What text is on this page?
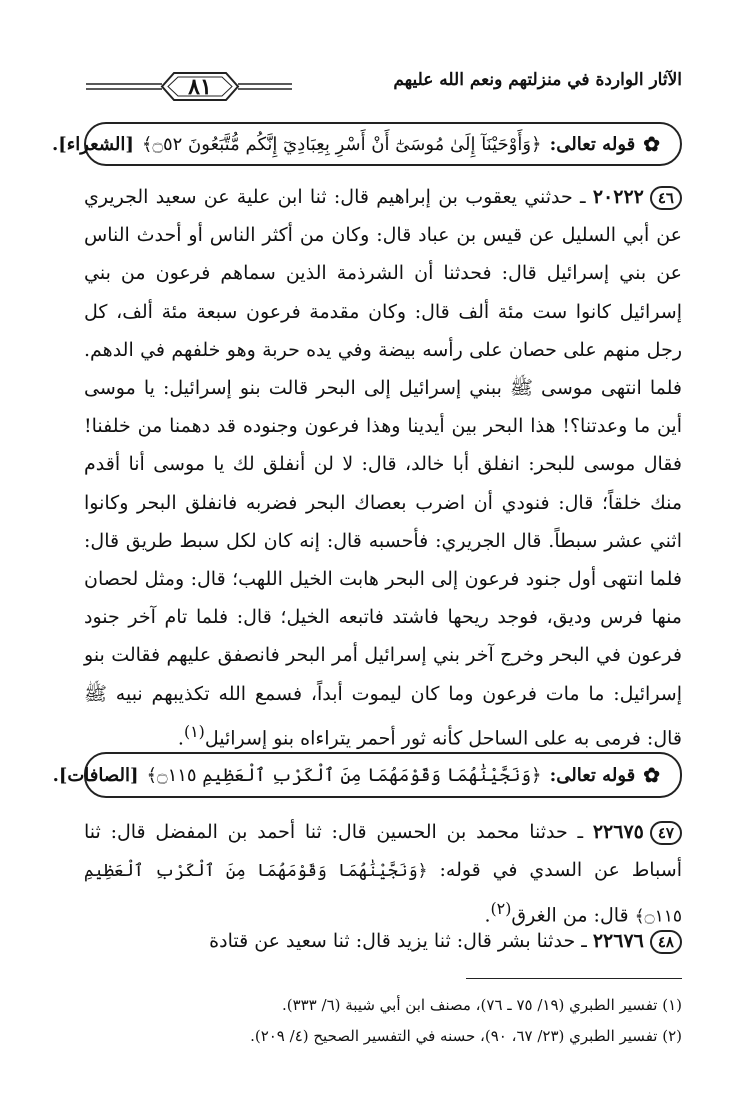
الآثار الواردة في منزلتهم ونعم الله عليهم
٨١
✿
قوله تعالى:
﴿وَأَوْحَيْنَآ إِلَىٰ مُوسَىٰٓ أَنْ أَسْرِ بِعِبَادِيٓ إِنَّكُم مُّتَّبَعُونَ ۝٥٢﴾
[الشعراء].
٤٦٢٠٢٢٢ ـ حدثني يعقوب بن إبراهيم قال: ثنا ابن علية عن سعيد الجريري عن أبي السليل عن قيس بن عباد قال: وكان من أكثر الناس أو أحدث الناس عن بني إسرائيل قال: فحدثنا أن الشرذمة الذين سماهم فرعون من بني إسرائيل كانوا ست مئة ألف قال: وكان مقدمة فرعون سبعة مئة ألف، كل رجل منهم على حصان على رأسه بيضة وفي يده حربة وهو خلفهم في الدهم. فلما انتهى موسى ﷺ ببني إسرائيل إلى البحر قالت بنو إسرائيل: يا موسى أين ما وعدتنا؟! هذا البحر بين أيدينا وهذا فرعون وجنوده قد دهمنا من خلفنا! فقال موسى للبحر: انفلق أبا خالد، قال: لا لن أنفلق لك يا موسى أنا أقدم منك خلقاً؛ قال: فنودي أن اضرب بعصاك البحر فضربه فانفلق البحر وكانوا اثني عشر سبطاً. قال الجريري: فأحسبه قال: إنه كان لكل سبط طريق قال: فلما انتهى أول جنود فرعون إلى البحر هابت الخيل اللهب؛ قال: ومثل لحصان منها فرس وديق، فوجد ريحها فاشتد فاتبعه الخيل؛ قال: فلما تام آخر جنود فرعون في البحر وخرج آخر بني إسرائيل أمر البحر فانصفق عليهم فقالت بنو إسرائيل: ما مات فرعون وما كان ليموت أبداً، فسمع الله تكذيبهم نبيه ﷺ قال: فرمى به على الساحل كأنه ثور أحمر يتراءاه بنو إسرائيل$^{(١)}$.
✿
قوله تعالى:
﴿وَنَجَّيْنَٰهُمَا وَقَوْمَهُمَا مِنَ ٱلْكَرْبِ ٱلْعَظِيمِ ۝١١٥﴾
[الصافات].
٤٧٢٢٦٧٥ ـ حدثنا محمد بن الحسين قال: ثنا أحمد بن المفضل قال: ثنا أسباط عن السدي في قوله: ﴿وَنَجَّيْنَٰهُمَا وَقَوْمَهُمَا مِنَ ٱلْكَرْبِ ٱلْعَظِيمِ ۝١١٥﴾ قال: من الغرق$^{(٢)}$.
٤٨٢٢٦٧٦ ـ حدثنا بشر قال: ثنا يزيد قال: ثنا سعيد عن قتادة
(١) تفسير الطبري (١٩/ ٧٥ ـ ٧٦)، مصنف ابن أبي شيبة (٦/ ٣٣٣).
(٢) تفسير الطبري (٢٣/ ٦٧، ٩٠)، حسنه في التفسير الصحيح (٤/ ٢٠٩).
